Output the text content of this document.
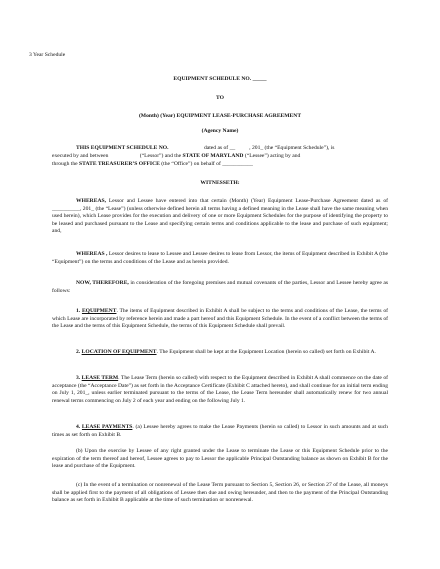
3 Year Schedule
EQUIPMENT SCHEDULE NO. _____
TO
(Month) (Year) EQUIPMENT LEASE-PURCHASE AGREEMENT
(Agency Name)
THIS EQUIPMENT SCHEDULE NO.	dated as of __	, 201_ (the “Equipment Schedule”), is
executed by and between	(“Lessor”) and the STATE OF MARYLAND (“Lessee”) acting by and
through the STATE TREASURER’S OFFICE (the “Office”) on behalf of ___________
WITNESSETH:
WHEREAS, Lessor and Lessee have entered into that certain (Month) (Year) Equipment Lease-Purchase Agreement dated as of __________, 201_ (the “Lease”) (unless otherwise defined herein all terms having a defined meaning in the Lease shall have the same meaning when used herein), which Lease provides for the execution and delivery of one or more Equipment Schedules for the purpose of identifying the property to be leased and purchased pursuant to the Lease and specifying certain terms and conditions applicable to the lease and purchase of such equipment; and,
WHEREAS , Lessor desires to lease to Lessee and Lessee desires to lease from Lessor, the items of Equipment described in Exhibit A (the “Equipment”) on the terms and conditions of the Lease and as herein provided.
NOW, THEREFORE, in consideration of the foregoing premises and mutual covenants of the parties, Lessor and Lessee hereby agree as follows:
1. EQUIPMENT. The items of Equipment described in Exhibit A shall be subject to the terms and conditions of the Lease, the terms of which Lease are incorporated by reference herein and made a part hereof and this Equipment Schedule. In the event of a conflict between the terms of the Lease and the terms of this Equipment Schedule, the terms of this Equipment Schedule shall prevail.
2. LOCATION OF EQUIPMENT. The Equipment shall be kept at the Equipment Location (herein so called) set forth on Exhibit A.
3. LEASE TERM. The Lease Term (herein so called) with respect to the Equipment described in Exhibit A shall commence on the date of acceptance (the “Acceptance Date”) as set forth in the Acceptance Certificate (Exhibit C attached hereto), and shall continue for an initial term ending on July 1, 201_, unless earlier terminated pursuant to the terms of the Lease, the Lease Term hereunder shall automatically renew for two annual renewal terms commencing on July 2 of each year and ending on the following July 1.
4. LEASE PAYMENTS. (a) Lessee hereby agrees to make the Lease Payments (herein so called) to Lessor in such amounts and at such times as set forth on Exhibit B.
(b) Upon the exercise by Lessee of any right granted under the Lease to terminate the Lease or this Equipment Schedule prior to the expiration of the term thereof and hereof, Lessee agrees to pay to Lessor the applicable Principal Outstanding balance as shown on Exhibit B for the lease and purchase of the Equipment.
(c) In the event of a termination or nonrenewal of the Lease Term pursuant to Section 5, Section 26, or Section 27 of the Lease, all moneys shall be applied first to the payment of all obligations of Lessee then due and owing hereunder, and then to the payment of the Principal Outstanding balance as set forth in Exhibit B applicable at the time of such termination or nonrenewal.
